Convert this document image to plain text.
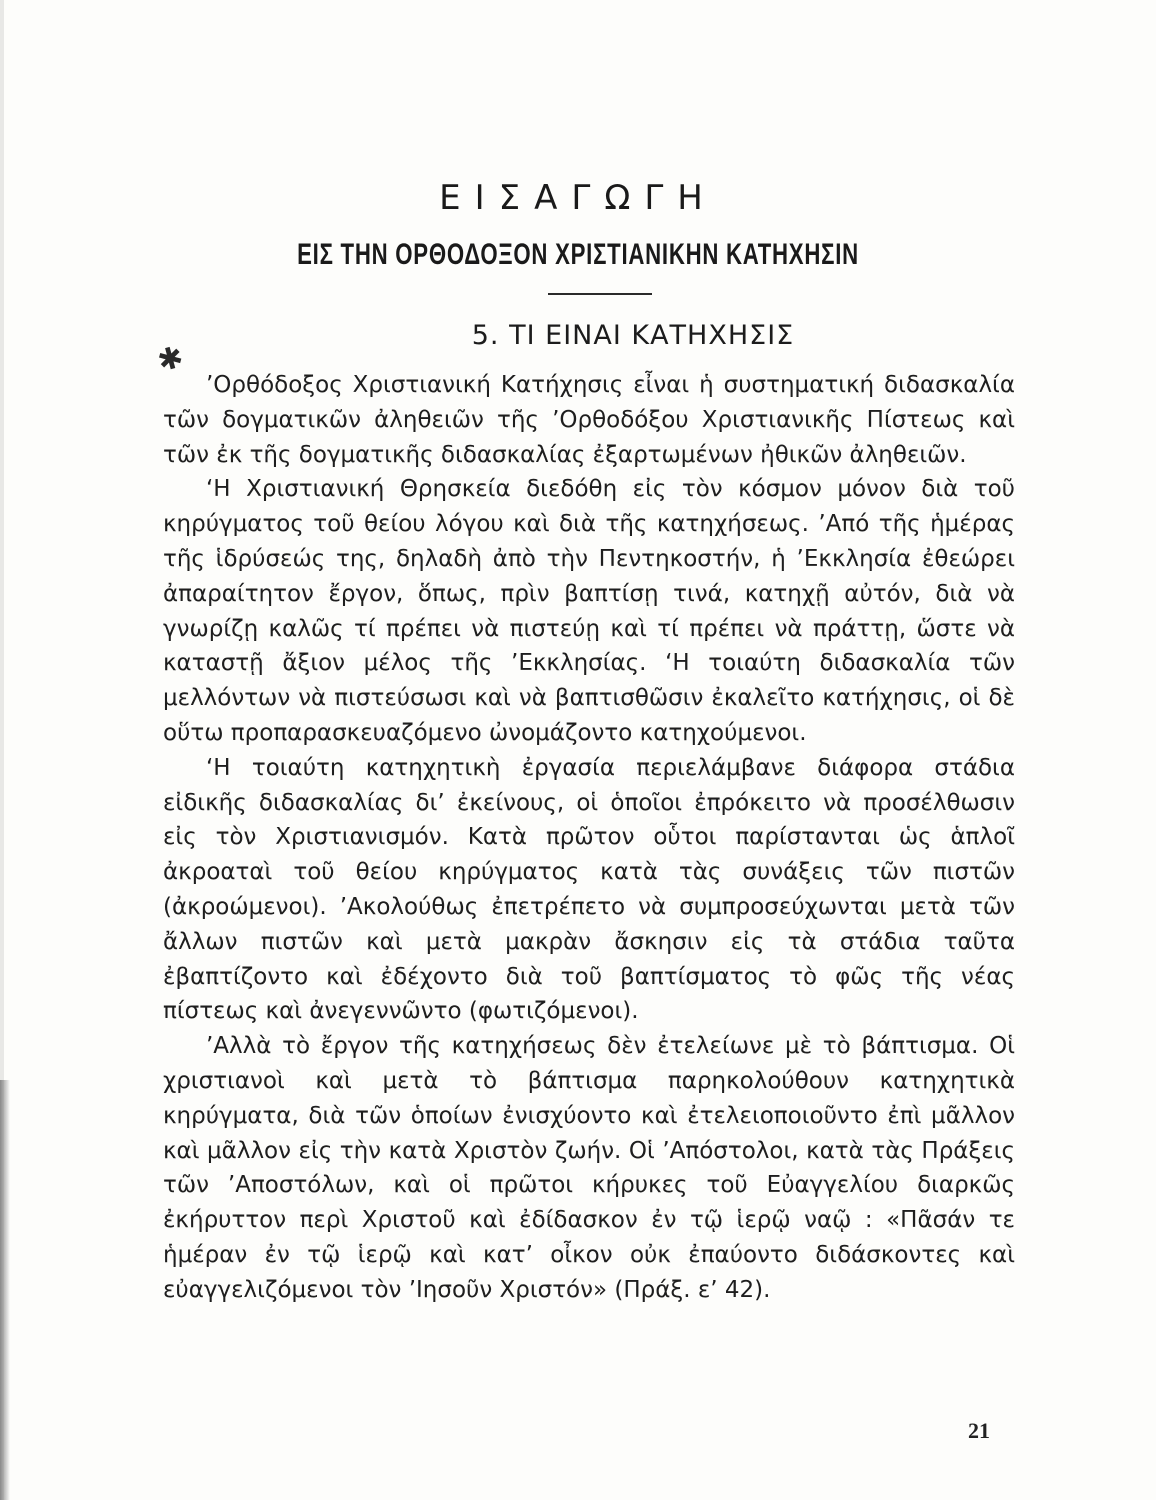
ΕΙΣΑΓΩΓΗ
ΕΙΣ ΤΗΝ ΟΡΘΟΔΟΞΟΝ ΧΡΙΣΤΙΑΝΙΚΗΝ ΚΑΤΗΧΗΣΙΝ
5. ΤΙ ΕΙΝΑΙ ΚΑΤΗΧΗΣΙΣ
✱

’Ορθόδοξος Χριστιανική Κατήχησις εἶναι ἡ συστηματική διδασκαλία τῶν δογματικῶν ἀληθειῶν τῆς ’Ορθοδόξου Χριστιανικῆς Πίστεως καὶ τῶν ἐκ τῆς δογματικῆς διδασκαλίας ἐξαρτωμένων ἠθικῶν ἀληθειῶν.

‘Η Χριστιανική Θρησκεία διεδόθη εἰς τὸν κόσμον μόνον διὰ τοῦ κηρύγματος τοῦ θείου λόγου καὶ διὰ τῆς κατηχήσεως. ’Από τῆς ἡμέρας τῆς ἱδρύσεώς της, δηλαδὴ ἀπὸ τὴν Πεντηκοστήν, ἡ ’Εκκλησία ἐθεώρει ἀπαραίτητον ἔργον, ὅπως, πρὶν βαπτίσῃ τινά, κατηχῇ αὐτόν, διὰ νὰ γνωρίζῃ καλῶς τί πρέπει νὰ πιστεύῃ καὶ τί πρέπει νὰ πράττῃ, ὥστε νὰ καταστῇ ἄξιον μέλος τῆς ’Εκκλησίας. ‘Η τοιαύτη διδασκαλία τῶν μελλόντων νὰ πιστεύσωσι καὶ νὰ βαπτισθῶσιν ἐκαλεῖτο κατήχησις, οἱ δὲ οὕτω προπαρασκευαζόμενο ὠνομάζοντο κατηχούμενοι.

‘Η τοιαύτη κατηχητικὴ ἐργασία περιελάμβανε διάφορα στάδια εἰδικῆς διδασκαλίας δι’ ἐκείνους, οἱ ὁποῖοι ἐπρόκειτο νὰ προσέλθωσιν εἰς τὸν Χριστιανισμόν. Κατὰ πρῶτον οὗτοι παρίστανται ὡς ἁπλοῖ ἀκροαταὶ τοῦ θείου κηρύγματος κατὰ τὰς συνάξεις τῶν πιστῶν (ἀκροώμενοι). ’Ακολούθως ἐπετρέπετο νὰ συμπροσεύχωνται μετὰ τῶν ἄλλων πιστῶν καὶ μετὰ μακρὰν ἄσκησιν εἰς τὰ στάδια ταῦτα ἐβαπτίζοντο καὶ ἐδέχοντο διὰ τοῦ βαπτίσματος τὸ φῶς τῆς νέας πίστεως καὶ ἀνεγεννῶντο (φωτιζόμενοι).

’Αλλὰ τὸ ἔργον τῆς κατηχήσεως δὲν ἐτελείωνε μὲ τὸ βάπτισμα. Οἱ χριστιανοὶ καὶ μετὰ τὸ βάπτισμα παρηκολούθουν κατηχητικὰ κηρύγματα, διὰ τῶν ὁποίων ἐνισχύοντο καὶ ἐτελειοποιοῦντο ἐπὶ μᾶλλον καὶ μᾶλλον εἰς τὴν κατὰ Χριστὸν ζωήν. Οἱ ’Απόστολοι, κατὰ τὰς Πράξεις τῶν ’Αποστόλων, καὶ οἱ πρῶτοι κήρυκες τοῦ Εὐαγγελίου διαρκῶς ἐκήρυττον περὶ Χριστοῦ καὶ ἐδίδασκον ἐν τῷ ἱερῷ ναῷ : «Πᾶσάν τε ἡμέραν ἐν τῷ ἱερῷ καὶ κατ’ οἶκον οὐκ ἐπαύοντο διδάσκοντες καὶ εὐαγγελιζόμενοι τὸν ’Ιησοῦν Χριστόν» (Πράξ. ε’ 42).

21
